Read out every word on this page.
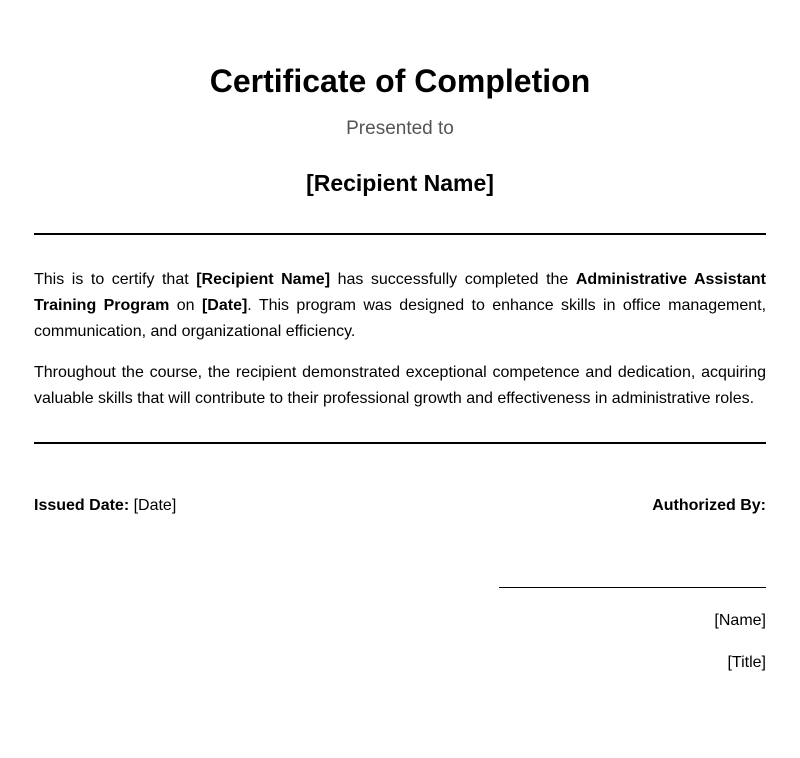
Certificate of Completion
Presented to
[Recipient Name]

This is to certify that [Recipient Name] has successfully completed the Administrative Assistant Training Program on [Date]. This program was designed to enhance skills in office management, communication, and organizational efficiency.

Throughout the course, the recipient demonstrated exceptional competence and dedication, acquiring valuable skills that will contribute to their professional growth and effectiveness in administrative roles.

Issued Date: [Date]	Authorized By:
[Name]
[Title]
